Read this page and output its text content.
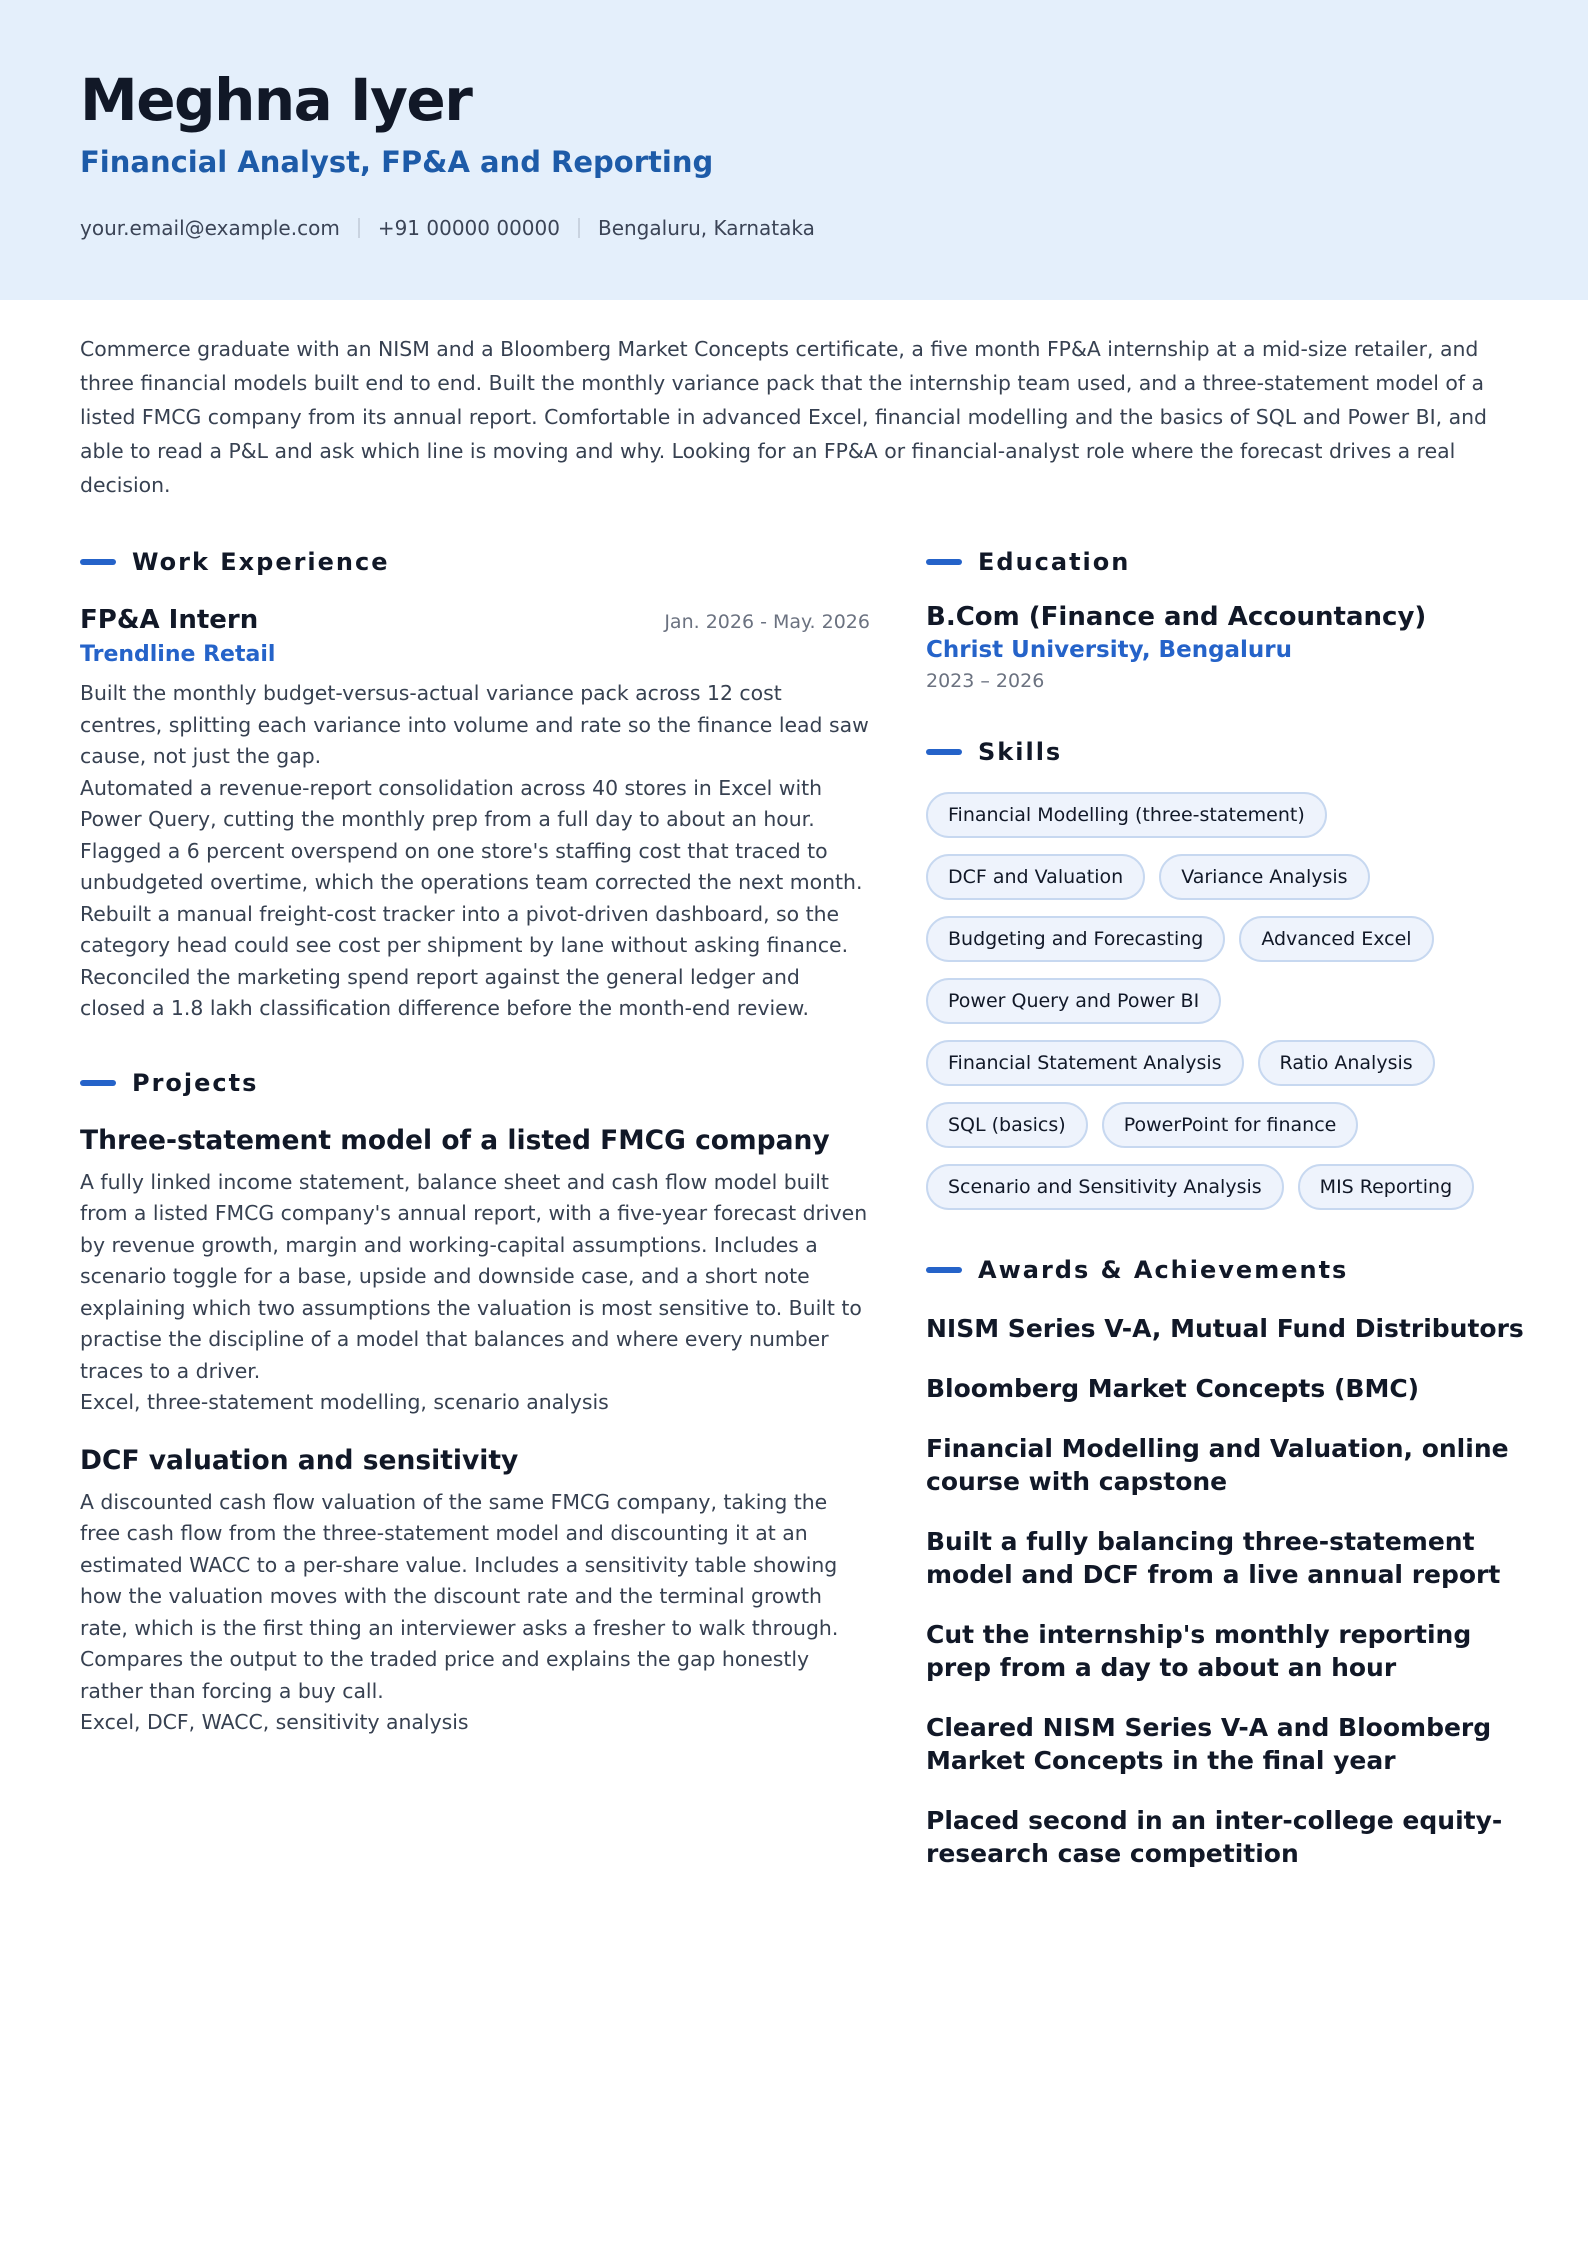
Meghna Iyer
Financial Analyst, FP&A and Reporting
your.email@example.com +91 00000 00000 Bengaluru, Karnataka
Commerce graduate with an NISM and a Bloomberg Market Concepts certificate, a five month FP&A internship at a mid-size retailer, and three financial models built end to end. Built the monthly variance pack that the internship team used, and a three-statement model of a listed FMCG company from its annual report. Comfortable in advanced Excel, financial modelling and the basics of SQL and Power BI, and able to read a P&L and ask which line is moving and why. Looking for an FP&A or financial-analyst role where the forecast drives a real decision.
Work Experience
FP&A Intern	Jan. 2026 - May. 2026
Trendline Retail
Built the monthly budget-versus-actual variance pack across 12 cost centres, splitting each variance into volume and rate so the finance lead saw cause, not just the gap.
Automated a revenue-report consolidation across 40 stores in Excel with Power Query, cutting the monthly prep from a full day to about an hour.
Flagged a 6 percent overspend on one store's staffing cost that traced to unbudgeted overtime, which the operations team corrected the next month.
Rebuilt a manual freight-cost tracker into a pivot-driven dashboard, so the category head could see cost per shipment by lane without asking finance.
Reconciled the marketing spend report against the general ledger and closed a 1.8 lakh classification difference before the month-end review.
Projects
Three-statement model of a listed FMCG company
A fully linked income statement, balance sheet and cash flow model built from a listed FMCG company's annual report, with a five-year forecast driven by revenue growth, margin and working-capital assumptions. Includes a scenario toggle for a base, upside and downside case, and a short note explaining which two assumptions the valuation is most sensitive to. Built to practise the discipline of a model that balances and where every number traces to a driver.
Excel, three-statement modelling, scenario analysis
DCF valuation and sensitivity
A discounted cash flow valuation of the same FMCG company, taking the free cash flow from the three-statement model and discounting it at an estimated WACC to a per-share value. Includes a sensitivity table showing how the valuation moves with the discount rate and the terminal growth rate, which is the first thing an interviewer asks a fresher to walk through. Compares the output to the traded price and explains the gap honestly rather than forcing a buy call.
Excel, DCF, WACC, sensitivity analysis
Education
B.Com (Finance and Accountancy)
Christ University, Bengaluru
2023 – 2026
Skills
Financial Modelling (three-statement)
DCF and Valuation	Variance Analysis
Budgeting and Forecasting	Advanced Excel
Power Query and Power BI
Financial Statement Analysis	Ratio Analysis
SQL (basics)	PowerPoint for finance
Scenario and Sensitivity Analysis	MIS Reporting
Awards & Achievements
NISM Series V-A, Mutual Fund Distributors
Bloomberg Market Concepts (BMC)
Financial Modelling and Valuation, online course with capstone
Built a fully balancing three-statement model and DCF from a live annual report
Cut the internship's monthly reporting prep from a day to about an hour
Cleared NISM Series V-A and Bloomberg Market Concepts in the final year
Placed second in an inter-college equity-research case competition
